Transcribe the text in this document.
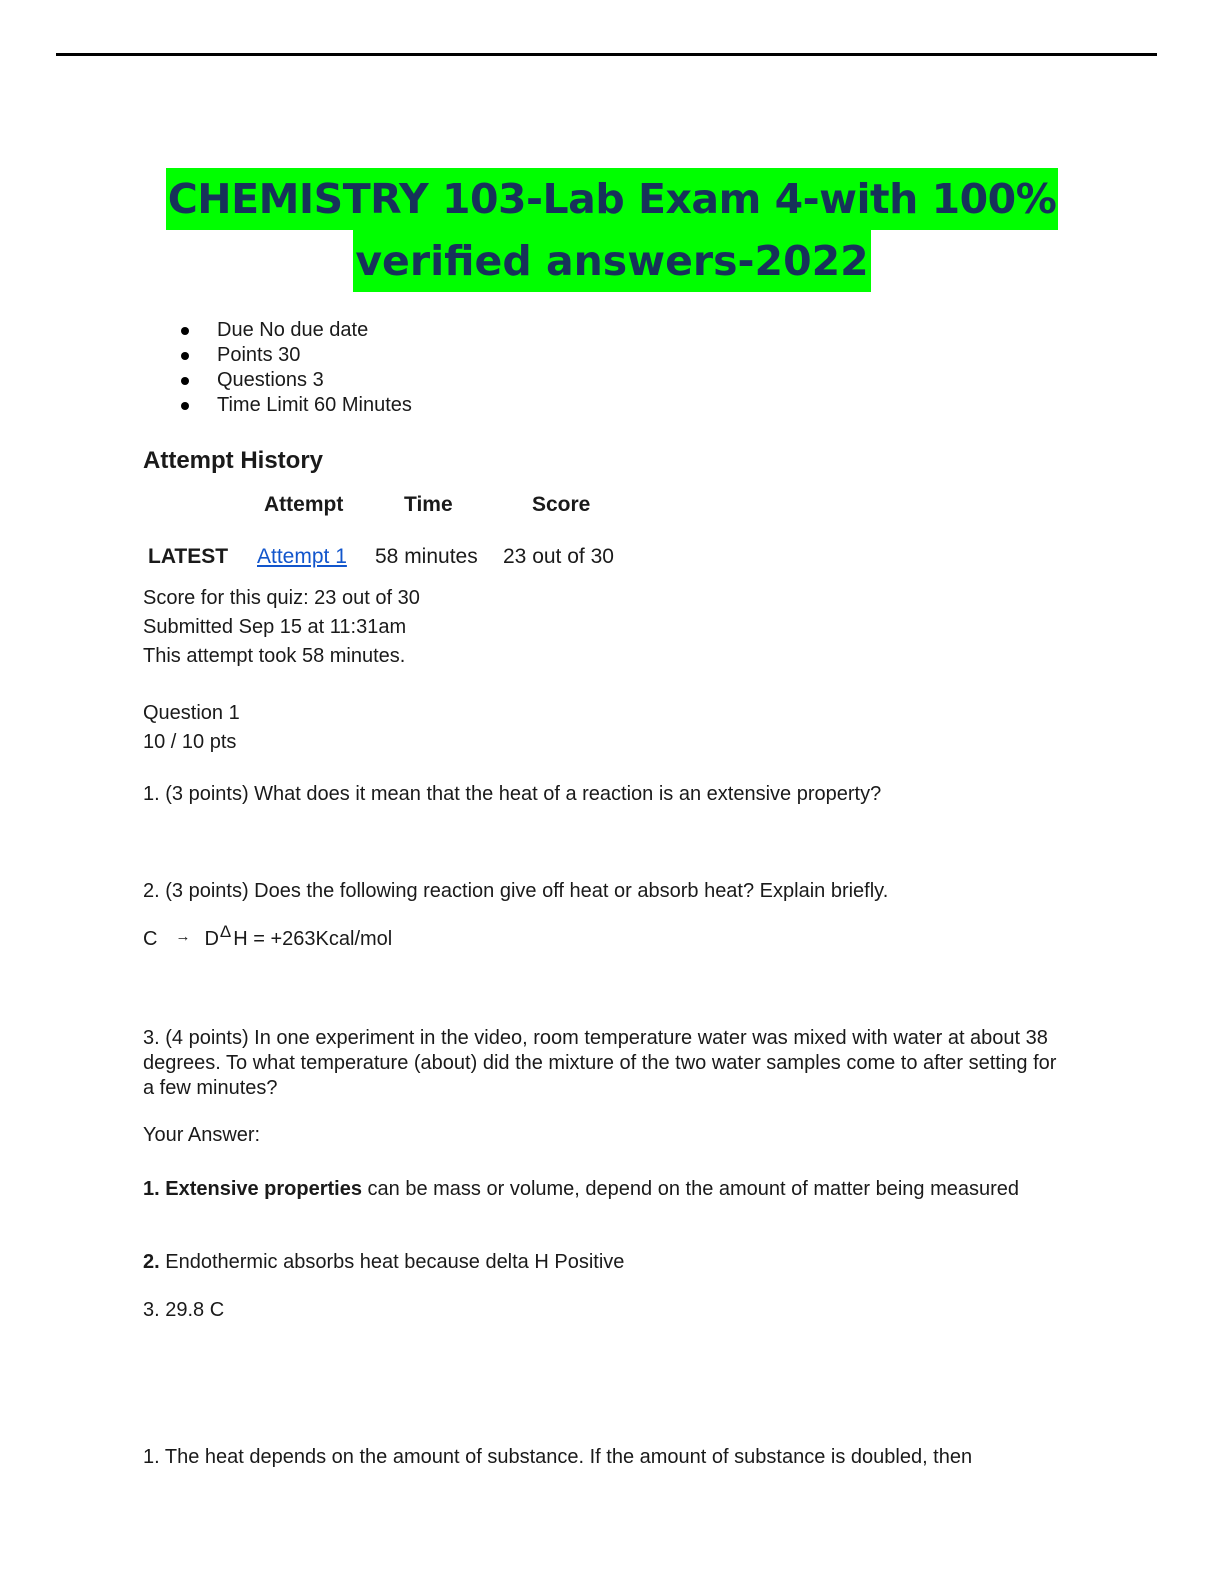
CHEMISTRY 103-Lab Exam 4-with 100%
verified answers-2022
Due No due date
Points 30
Questions 3
Time Limit 60 Minutes
Attempt History
Attempt	Time	Score
LATEST Attempt 1 58 minutes 23 out of 30

Score for this quiz: 23 out of 30

Submitted Sep 15 at 11:31am

This attempt took 58 minutes.

Question 1

10 / 10 pts

1. (3 points) What does it mean that the heat of a reaction is an extensive property?

2. (3 points) Does the following reaction give off heat or absorb heat? Explain briefly.

C → D Δ H = +263Kcal/mol

3. (4 points) In one experiment in the video, room temperature water was mixed with water at about 38 degrees. To what temperature (about) did the mixture of the two water samples come to after setting for a few minutes?

Your Answer:

1. Extensive properties can be mass or volume, depend on the amount of matter being measured

2. Endothermic absorbs heat because delta H Positive

3. 29.8 C

1. The heat depends on the amount of substance. If the amount of substance is doubled, then
